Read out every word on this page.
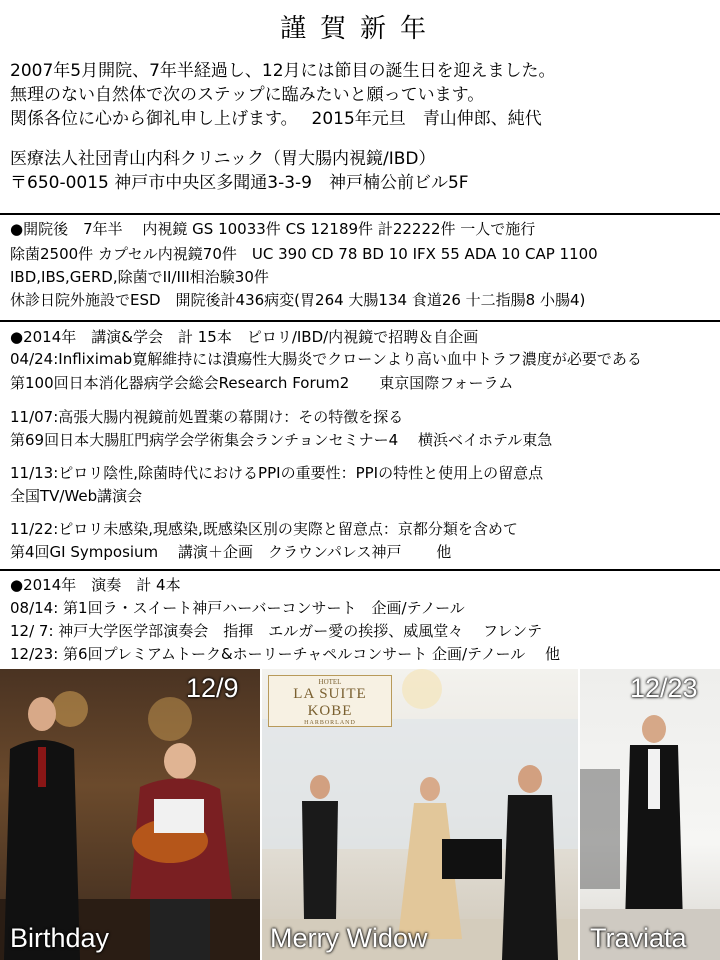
謹賀新年
2007年5月開院、7年半経過し、12月には節目の誕生日を迎えました。
無理のない自然体で次のステップに臨みたいと願っています。
関係各位に心から御礼申し上げます。　 2015年元旦　青山伸郎、純代
医療法人社団青山内科クリニック（胃大腸内視鏡/IBD）
〒650-0015 神戸市中央区多聞通3-3-9　神戸楠公前ビル5F
●開院後　7年半　 内視鏡 GS 10033件 CS 12189件 計22222件 一人で施行
除菌2500件 カプセル内視鏡70件　UC 390 CD 78 BD 10 IFX 55 ADA 10 CAP 1100
IBD,IBS,GERD,除菌でII/III相治験30件
休診日院外施設でESD　開院後計436病変(胃264 大腸134 食道26 十二指腸8 小腸4)
●2014年　講演&学会　計 15本　ピロリ/IBD/内視鏡で招聘＆自企画
04/24:Infliximab寛解維持には潰瘍性大腸炎でクローンより高い血中トラフ濃度が必要である
第100回日本消化器病学会総会Research Forum2　　東京国際フォーラム
11/07:高張大腸内視鏡前処置薬の幕開け：その特徴を探る
第69回日本大腸肛門病学会学術集会ランチョンセミナー4　 横浜ベイホテル東急
11/13:ピロリ陰性,除菌時代におけるPPIの重要性：PPIの特性と使用上の留意点
全国TV/Web講演会
11/22:ピロリ未感染,現感染,既感染区別の実際と留意点：京都分類を含めて
第4回GI Symposium　 講演＋企画　クラウンパレス神戸　　 他
●2014年　演奏　計 4本
08/14: 第1回ラ・スイート神戸ハーバーコンサート　企画/テノール
12/ 7: 神戸大学医学部演奏会　指揮　エルガー愛の挨拶、威風堂々　 フレンテ
12/23: 第6回プレミアムトーク&ホーリーチャペルコンサート 企画/テノール　 他
12/9
Birthday
HOTEL
LA SUITE KOBE
HARBORLAND
Merry Widow
12/23
Traviata
